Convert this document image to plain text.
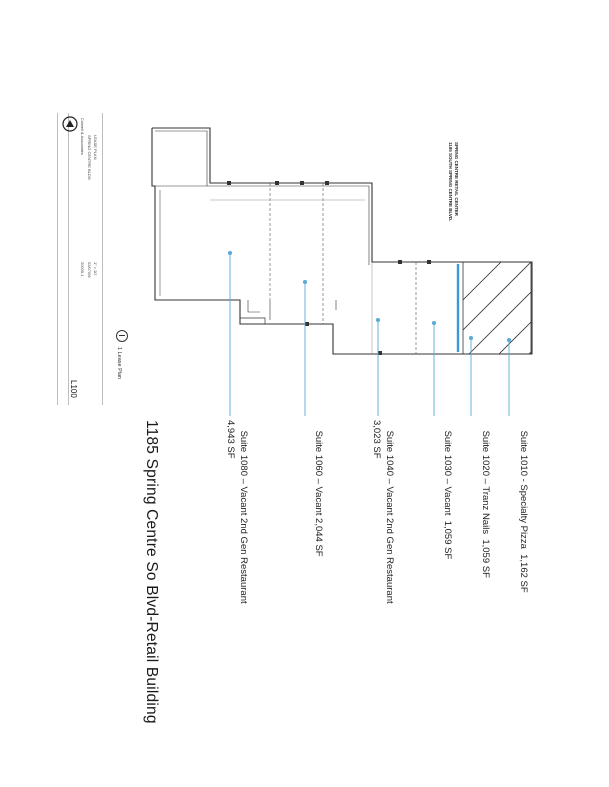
Colwell & Associates SPRING CENTRE BLDG LEASE PLAN
20035.1 02/07/06 1" = 20'
L100
SPRING CENTRE RETAIL CENTER
1185 SOUTH SPRING CENTRE BLVD.
1 Lease Plan

Suite 1010 - Specialty Pizza  1,162 SF

Suite 1020 – Tranz Nails  1,059 SF

Suite 1030 – Vacant  1,059 SF

Suite 1040 – Vacant 2nd Gen Restaurant
3,023 SF

Suite 1060 – Vacant 2,044 SF

Suite 1080 – Vacant 2nd Gen Restaurant
4,943 SF

1185 Spring Centre So Blvd-Retail Building
